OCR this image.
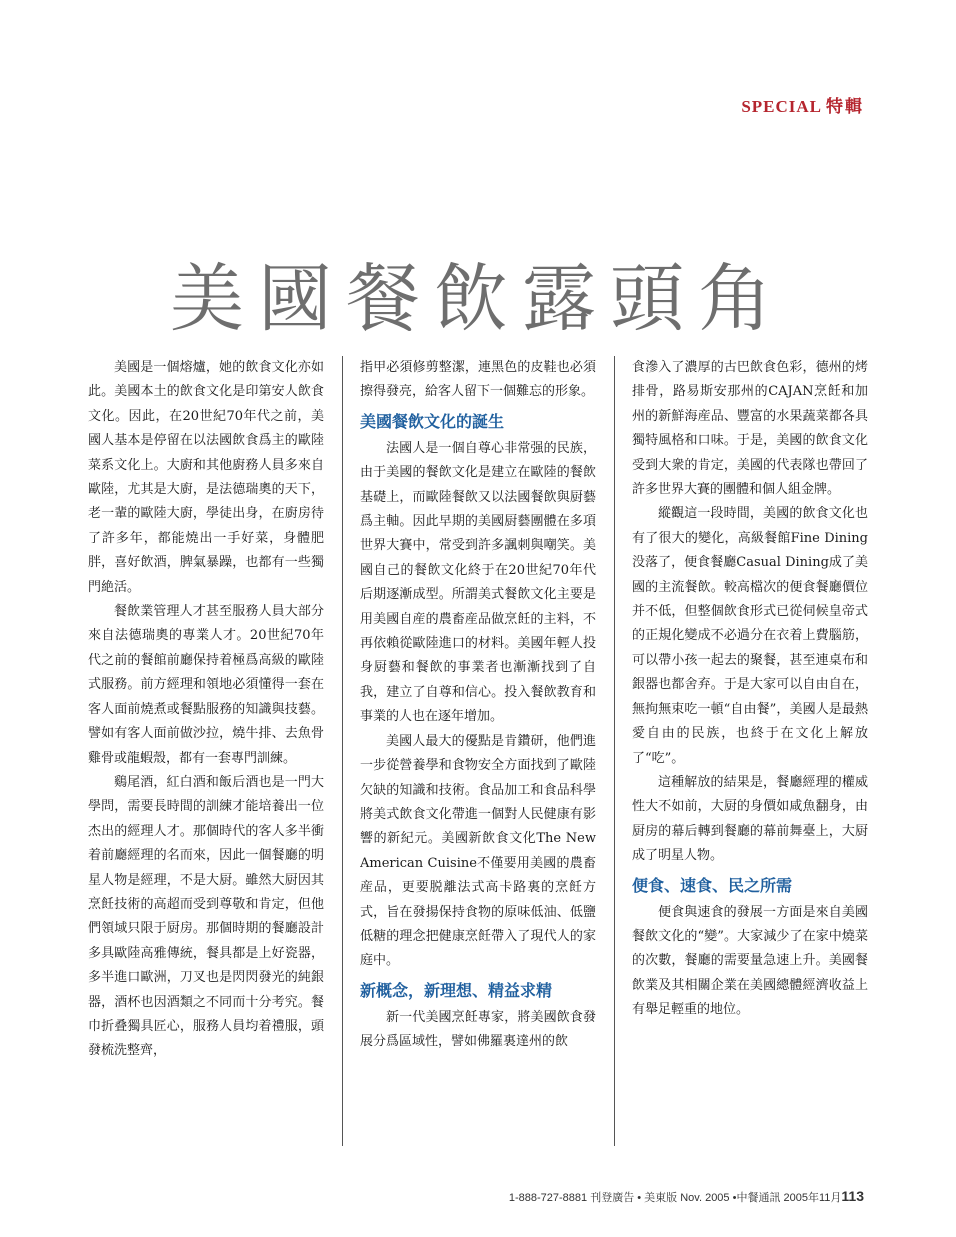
SPECIAL 特輯
美國餐飲露頭角

美國是一個熔爐，她的飲食文化亦如此。美國本土的飲食文化是印第安人飲食文化。因此，在20世紀70年代之前，美國人基本是停留在以法國飲食爲主的歐陸菜系文化上。大廚和其他廚務人員多來自歐陸，尤其是大廚，是法德瑞奧的天下，老一輩的歐陸大廚，學徒出身，在廚房待了許多年，都能燒出一手好菜，身體肥胖，喜好飲酒，脾氣暴躁，也都有一些獨門絶活。

餐飲業管理人才甚至服務人員大部分來自法德瑞奧的專業人才。20世紀70年代之前的餐館前廳保持着極爲高級的歐陸式服務。前方經理和領地必須懂得一套在客人面前燒煮或餐點服務的知識與技藝。譬如有客人面前做沙拉，燒牛排、去魚骨雞骨或龍蝦殼，都有一套專門訓練。

鷄尾酒，紅白酒和飯后酒也是一門大學問，需要長時間的訓練才能培養出一位杰出的經理人才。那個時代的客人多半衝着前廳經理的名而來，因此一個餐廳的明星人物是經理，不是大厨。雖然大厨因其烹飪技術的高超而受到尊敬和肯定，但他們領域只限于厨房。那個時期的餐廳設計多具歐陸高雅傳統，餐具都是上好瓷器，多半進口歐洲，刀叉也是閃閃發光的純銀器，酒杯也因酒類之不同而十分考究。餐巾折叠獨具匠心，服務人員均着禮服，頭發梳洗整齊，

指甲必須修剪整潔，連黑色的皮鞋也必須擦得發亮，給客人留下一個難忘的形象。

美國餐飲文化的誕生

法國人是一個自尊心非常强的民族，由于美國的餐飲文化是建立在歐陸的餐飲基礎上，而歐陸餐飲又以法國餐飲與厨藝爲主軸。因此早期的美國厨藝團體在多項世界大賽中，常受到許多諷刺與嘲笑。美國自己的餐飲文化終于在20世紀70年代后期逐漸成型。所謂美式餐飲文化主要是用美國自産的農畜産品做烹飪的主料，不再依賴從歐陸進口的材料。美國年輕人投身厨藝和餐飲的事業者也漸漸找到了自我，建立了自尊和信心。投入餐飲教育和事業的人也在逐年增加。

美國人最大的優點是肯鑽研，他們進一步從營養學和食物安全方面找到了歐陸欠缺的知識和技術。食品加工和食品科學將美式飲食文化帶進一個對人民健康有影響的新紀元。美國新飲食文化The New American Cuisine不僅要用美國的農畜産品，更要脱離法式高卡路裏的烹飪方式，旨在發揚保持食物的原味低油、低鹽低糖的理念把健康烹飪帶入了現代人的家庭中。

新概念，新理想、精益求精

新一代美國烹飪專家，將美國飲食發展分爲區域性，譬如佛羅裏達州的飲

食滲入了濃厚的古巴飲食色彩，德州的烤排骨，路易斯安那州的CAJAN烹飪和加州的新鮮海産品、豐富的水果蔬菜都各具獨特風格和口味。于是，美國的飲食文化受到大衆的肯定，美國的代表隊也帶回了許多世界大賽的團體和個人組金牌。

縱觀這一段時間，美國的飲食文化也有了很大的變化，高級餐館Fine Dining没落了，便食餐廳Casual Dining成了美國的主流餐飲。較高檔次的便食餐廳價位并不低，但整個飲食形式已從伺候皇帝式的正規化變成不必過分在衣着上費腦筋，可以帶小孩一起去的聚餐，甚至連桌布和銀器也都舍弃。于是大家可以自由自在，無拘無束吃一頓“自由餐”，美國人是最熱愛自由的民族，也終于在文化上解放了“吃”。

這種解放的結果是，餐廳經理的權威性大不如前，大厨的身價如咸魚翻身，由厨房的幕后轉到餐廳的幕前舞臺上，大厨成了明星人物。

便食、速食、民之所需

便食與速食的發展一方面是來自美國餐飲文化的“變”。大家減少了在家中燒菜的次數，餐廳的需要量急速上升。美國餐飲業及其相關企業在美國總體經濟收益上有舉足輕重的地位。

1-888-727-8881 刊登廣告 • 美東版 Nov. 2005 •中餐通訊 2005年11月113
